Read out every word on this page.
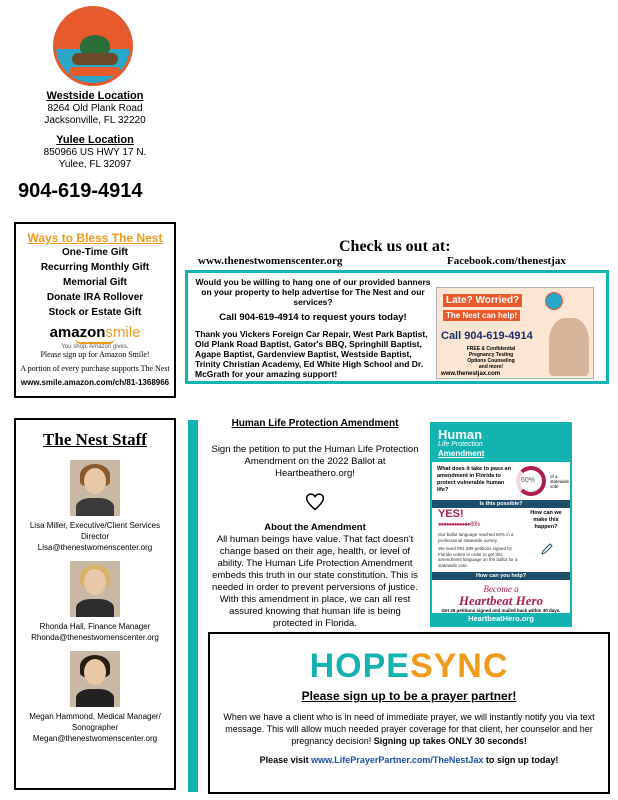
Westside Location
8264 Old Plank Road
Jacksonville, FL 32220
Yulee Location
850966 US HWY 17 N.
Yulee, FL 32097
904-619-4914
Ways to Bless The Nest
One-Time Gift
Recurring Monthly Gift
Memorial Gift
Donate IRA Rollover
Stock or Estate Gift
amazonsmile
You shop. Amazon gives.
Please sign up for Amazon Smile!
A portion of every purchase supports The Nest
www.smile.amazon.com/ch/81-1368966
The Nest Staff
Lisa Miller, Executive/Client Services Director
Lisa@thenestwomenscenter.org
Rhonda Hall, Finance Manager
Rhonda@thenestwomenscenter.org
Megan Hammond, Medical Manager/ Sonographer
Megan@thenestwomenscenter.org
Check us out at:
www.thenestwomenscenter.org	Facebook.com/thenestjax
Would you be willing to hang one of our provided banners on your property to help advertise for The Nest and our services?
Call 904-619-4914 to request yours today!
Thank you Vickers Foreign Car Repair, West Park Baptist, Old Plank Road Baptist, Gator's BBQ, Springhill Baptist, Agape Baptist, Gardenview Baptist, Westside Baptist, Trinity Christian Academy, Ed White High School and Dr. McGrath for your amazing support!
Late? Worried?
The Nest can help!
Call 904-619-4914
FREE & Confidential
Pregnancy Testing
Options Counseling
and more!
www.thenestjax.com
Human Life Protection Amendment
Sign the petition to put the Human Life Protection Amendment on the 2022 Ballot at Heartbeathero.org!
About the Amendment
All human beings have value. That fact doesn't change based on their age, health, or level of ability. The Human Life Protection Amendment embeds this truth in our state constitution. This is needed in order to prevent perversions of justice. With this amendment in place, we can all rest assured knowing that human life is being protected in Florida.
Human
Life Protection
Amendment
What does it take to pass an amendment in Florida to protect vulnerable human life?
60%
of a statewide vote
Is this possible?
YES!
●●●●●●●●●●●● 60%
Our ballot language reached 60% in a professional statewide survey
How can we make this happen?
We need 891,589 petitions signed by Florida voters in order to get this amendment language on the ballot for a statewide vote.
How can you help?
Become a
Heartbeat Hero
Get 25 petitions signed and mailed back within 30 days.
HeartbeatHero.org
HOPESYNC
Please sign up to be a prayer partner!
When we have a client who is in need of immediate prayer, we will instantly notify you via text message. This will allow much needed prayer coverage for that client, her counselor and her pregnancy decision! Signing up takes ONLY 30 seconds!
Please visit www.LifePrayerPartner.com/TheNestJax to sign up today!
